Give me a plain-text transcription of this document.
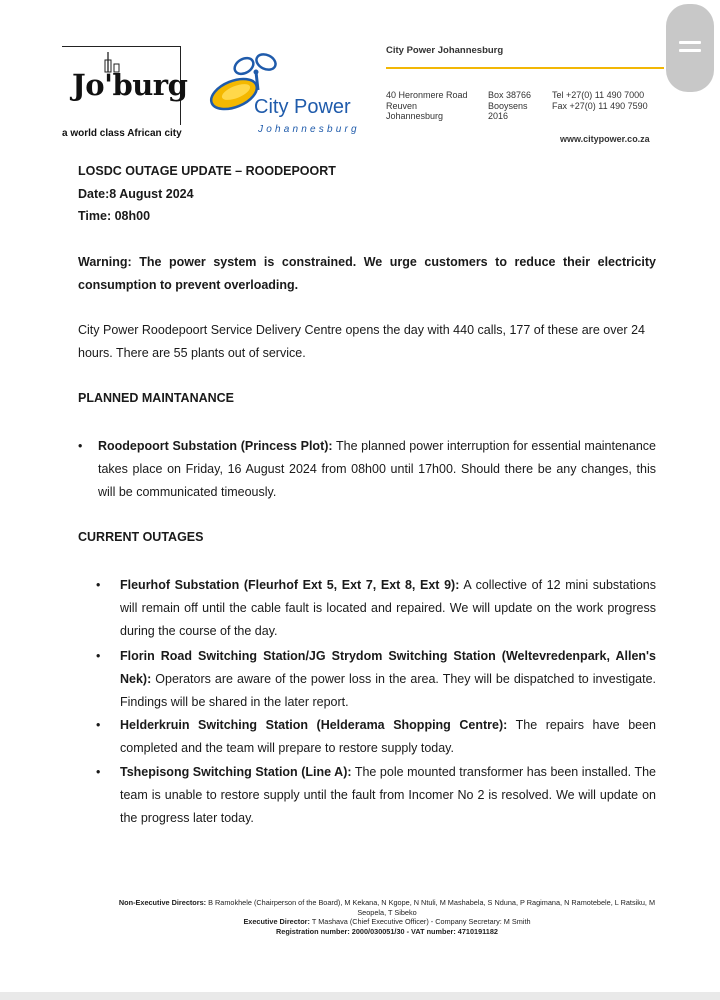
Jo'burg
a world class African city
City Power
Johannesburg
City Power Johannesburg
40 Heronmere Road
Reuven
Johannesburg
Box 38766
Booysens
2016
Tel +27(0) 11 490 7000
Fax +27(0) 11 490 7590
www.citypower.co.za
LOSDC OUTAGE UPDATE – ROODEPOORT
Date:8 August 2024
Time: 08h00
Warning: The power system is constrained. We urge customers to reduce their electricity consumption to prevent overloading.
City Power Roodepoort Service Delivery Centre opens the day with 440 calls, 177 of these are over 24 hours. There are 55 plants out of service.
PLANNED MAINTANANCE
•	Roodepoort Substation (Princess Plot): The planned power interruption for essential maintenance takes place on Friday, 16 August 2024 from 08h00 until 17h00. Should there be any changes, this will be communicated timeously.
CURRENT OUTAGES
•	Fleurhof Substation (Fleurhof Ext 5, Ext 7, Ext 8, Ext 9): A collective of 12 mini substations will remain off until the cable fault is located and repaired. We will update on the work progress during the course of the day.
•	Florin Road Switching Station/JG Strydom Switching Station (Weltevredenpark, Allen's Nek): Operators are aware of the power loss in the area. They will be dispatched to investigate. Findings will be shared in the later report.
•	Helderkruin Switching Station (Helderama Shopping Centre): The repairs have been completed and the team will prepare to restore supply today.
•	Tshepisong Switching Station (Line A): The pole mounted transformer has been installed. The team is unable to restore supply until the fault from Incomer No 2 is resolved. We will update on the progress later today.
Non-Executive Directors: B Ramokhele (Chairperson of the Board), M Kekana, N Kgope, N Ntuli, M Mashabela, S Nduna, P Ragimana, N Ramotebele, L Ratsiku, M Seopela, T Sibeko
Executive Director: T Mashava (Chief Executive Officer) - Company Secretary: M Smith
Registration number: 2000/030051/30 - VAT number: 4710191182
